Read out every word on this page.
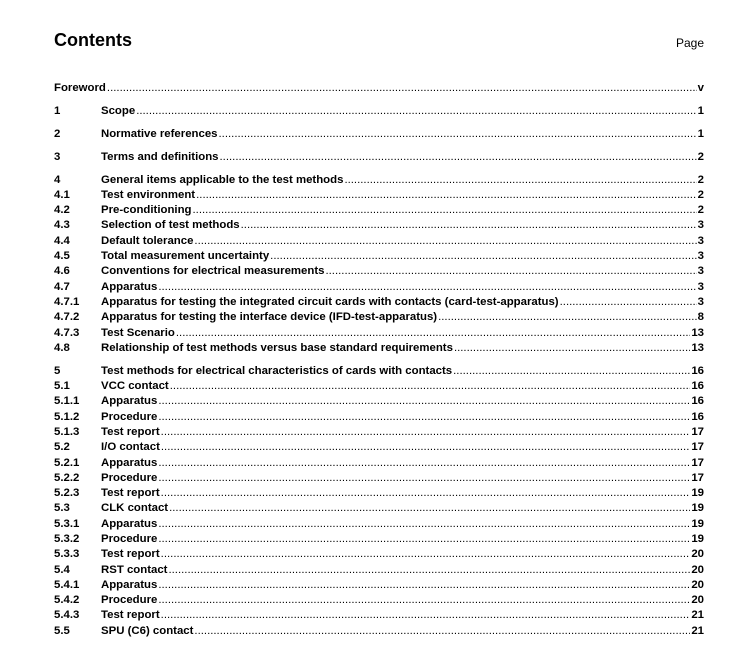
Contents	Page
Foreword .....	v
1	Scope .....	1
2	Normative references .....	1
3	Terms and definitions .....	2
4	General items applicable to the test methods .....	2
4.1	Test environment .....	2
4.2	Pre-conditioning .....	2
4.3	Selection of test methods .....	3
4.4	Default tolerance .....	3
4.5	Total measurement uncertainty .....	3
4.6	Conventions for electrical measurements .....	3
4.7	Apparatus .....	3
4.7.1 Apparatus for testing the integrated circuit cards with contacts (card-test-apparatus) .....	3
4.7.2 Apparatus for testing the interface device (IFD-test-apparatus) .....	8
4.7.3 Test Scenario .....	13
4.8	Relationship of test methods versus base standard requirements .....	13
5	Test methods for electrical characteristics of cards with contacts .....	16
5.1	VCC contact .....	16
5.1.1 Apparatus .....	16
5.1.2 Procedure .....	16
5.1.3 Test report .....	17
5.2	I/O contact .....	17
5.2.1 Apparatus .....	17
5.2.2 Procedure .....	17
5.2.3 Test report .....	19
5.3	CLK contact .....	19
5.3.1 Apparatus .....	19
5.3.2 Procedure .....	19
5.3.3 Test report .....	20
5.4	RST contact .....	20
5.4.1 Apparatus .....	20
5.4.2 Procedure .....	20
5.4.3 Test report .....	21
5.5	SPU (C6) contact .....	21
